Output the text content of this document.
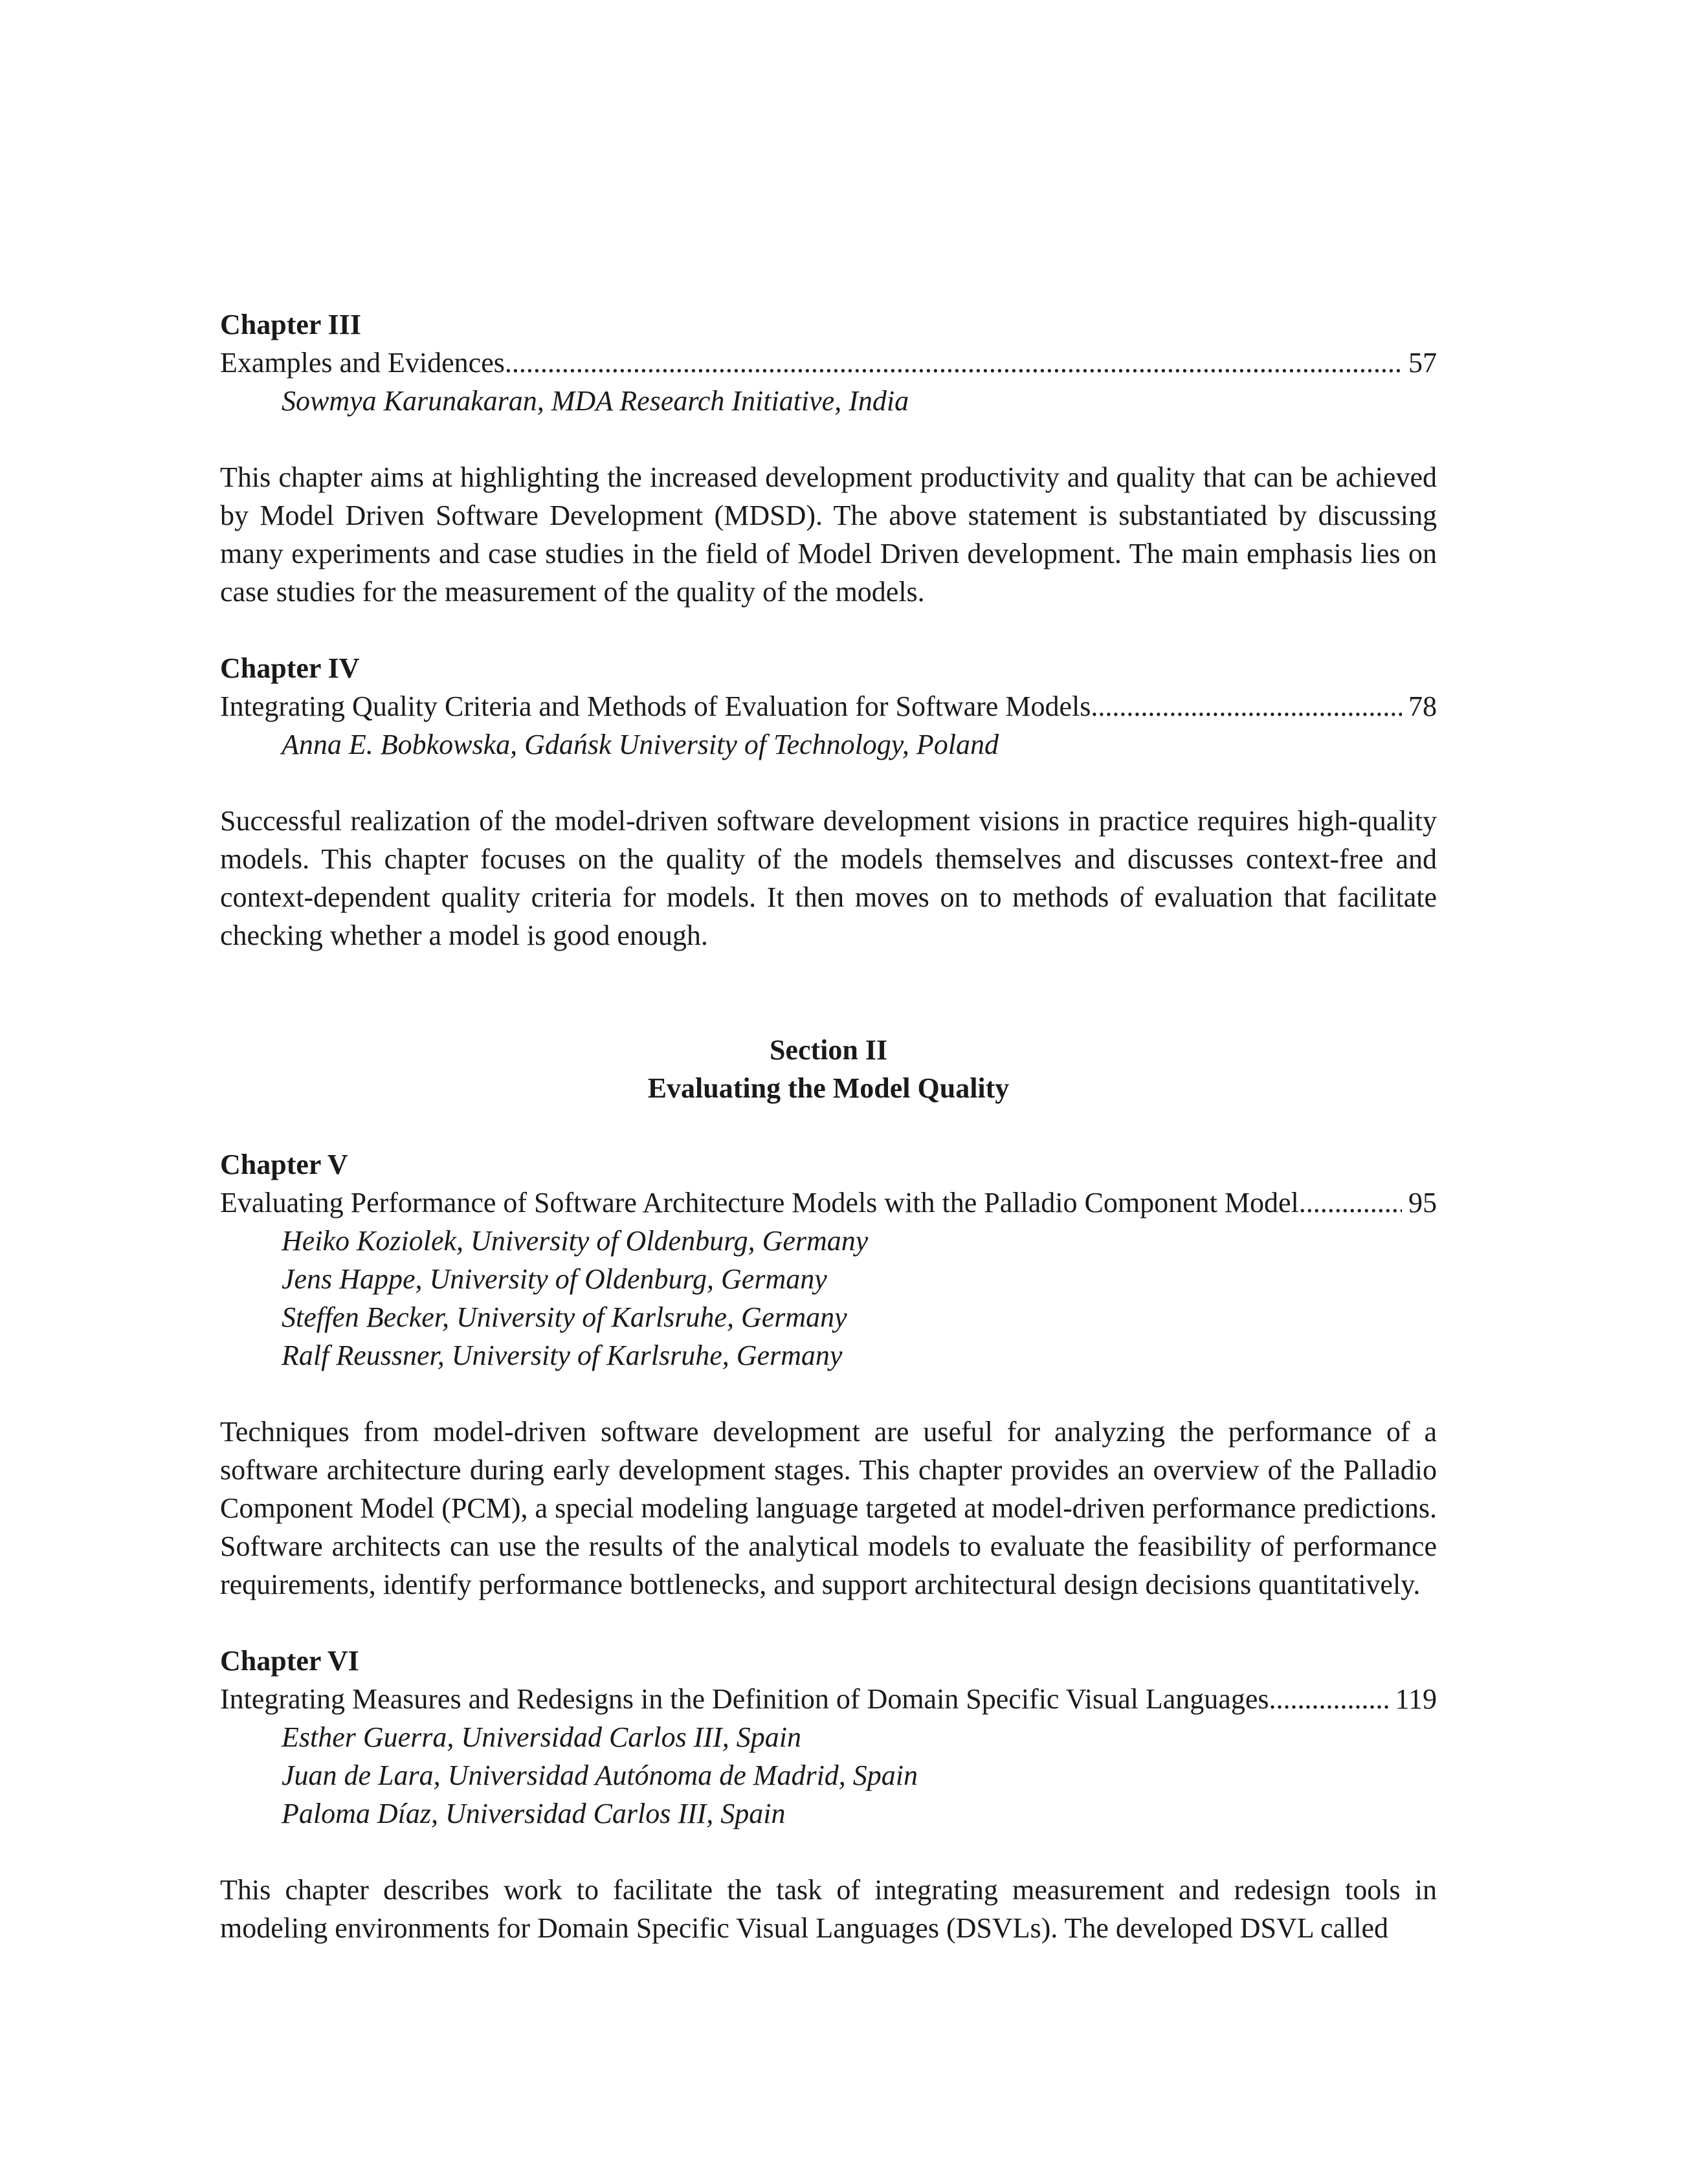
Chapter III
Examples and Evidences .....	57
Sowmya Karunakaran, MDA Research Initiative, India

This chapter aims at highlighting the increased development productivity and quality that can be achieved by Model Driven Software Development (MDSD). The above statement is substantiated by discussing many experiments and case studies in the field of Model Driven development. The main emphasis lies on case studies for the measurement of the quality of the models.

Chapter IV
Integrating Quality Criteria and Methods of Evaluation for Software Models .....	78
Anna E. Bobkowska, Gdańsk University of Technology, Poland

Successful realization of the model-driven software development visions in practice requires high-quality models. This chapter focuses on the quality of the models themselves and discusses context-free and context-dependent quality criteria for models. It then moves on to methods of evaluation that facilitate checking whether a model is good enough.

Section II
Evaluating the Model Quality
Chapter V
Evaluating Performance of Software Architecture Models with the Palladio Component Model .....	95
Heiko Koziolek, University of Oldenburg, Germany
Jens Happe, University of Oldenburg, Germany
Steffen Becker, University of Karlsruhe, Germany
Ralf Reussner, University of Karlsruhe, Germany

Techniques from model-driven software development are useful for analyzing the performance of a software architecture during early development stages. This chapter provides an overview of the Palladio Component Model (PCM), a special modeling language targeted at model-driven performance predictions. Software architects can use the results of the analytical models to evaluate the feasibility of performance requirements, identify performance bottlenecks, and support architectural design decisions quantitatively.

Chapter VI
Integrating Measures and Redesigns in the Definition of Domain Specific Visual Languages .....	119
Esther Guerra, Universidad Carlos III, Spain
Juan de Lara, Universidad Autónoma de Madrid, Spain
Paloma Díaz, Universidad Carlos III, Spain

This chapter describes work to facilitate the task of integrating measurement and redesign tools in modeling environments for Domain Specific Visual Languages (DSVLs). The developed DSVL called
